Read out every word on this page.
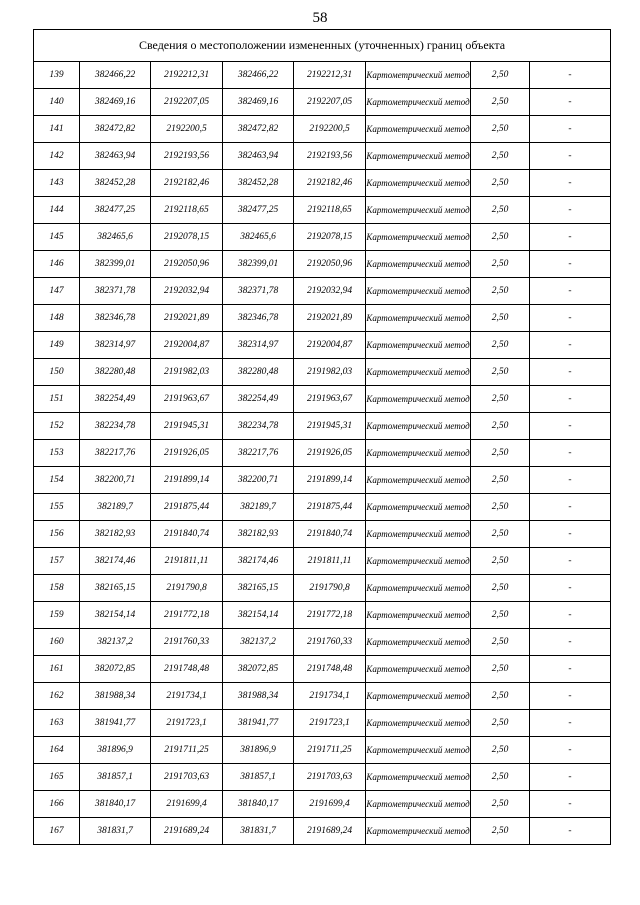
58
Сведения о местоположении измененных (уточненных) границ объекта							
139	382466,22	2192212,31	382466,22	2192212,31	Картометрический метод	2,50	-
140	382469,16	2192207,05	382469,16	2192207,05	Картометрический метод	2,50	-
141	382472,82	2192200,5	382472,82	2192200,5	Картометрический метод	2,50	-
142	382463,94	2192193,56	382463,94	2192193,56	Картометрический метод	2,50	-
143	382452,28	2192182,46	382452,28	2192182,46	Картометрический метод	2,50	-
144	382477,25	2192118,65	382477,25	2192118,65	Картометрический метод	2,50	-
145	382465,6	2192078,15	382465,6	2192078,15	Картометрический метод	2,50	-
146	382399,01	2192050,96	382399,01	2192050,96	Картометрический метод	2,50	-
147	382371,78	2192032,94	382371,78	2192032,94	Картометрический метод	2,50	-
148	382346,78	2192021,89	382346,78	2192021,89	Картометрический метод	2,50	-
149	382314,97	2192004,87	382314,97	2192004,87	Картометрический метод	2,50	-
150	382280,48	2191982,03	382280,48	2191982,03	Картометрический метод	2,50	-
151	382254,49	2191963,67	382254,49	2191963,67	Картометрический метод	2,50	-
152	382234,78	2191945,31	382234,78	2191945,31	Картометрический метод	2,50	-
153	382217,76	2191926,05	382217,76	2191926,05	Картометрический метод	2,50	-
154	382200,71	2191899,14	382200,71	2191899,14	Картометрический метод	2,50	-
155	382189,7	2191875,44	382189,7	2191875,44	Картометрический метод	2,50	-
156	382182,93	2191840,74	382182,93	2191840,74	Картометрический метод	2,50	-
157	382174,46	2191811,11	382174,46	2191811,11	Картометрический метод	2,50	-
158	382165,15	2191790,8	382165,15	2191790,8	Картометрический метод	2,50	-
159	382154,14	2191772,18	382154,14	2191772,18	Картометрический метод	2,50	-
160	382137,2	2191760,33	382137,2	2191760,33	Картометрический метод	2,50	-
161	382072,85	2191748,48	382072,85	2191748,48	Картометрический метод	2,50	-
162	381988,34	2191734,1	381988,34	2191734,1	Картометрический метод	2,50	-
163	381941,77	2191723,1	381941,77	2191723,1	Картометрический метод	2,50	-
164	381896,9	2191711,25	381896,9	2191711,25	Картометрический метод	2,50	-
165	381857,1	2191703,63	381857,1	2191703,63	Картометрический метод	2,50	-
166	381840,17	2191699,4	381840,17	2191699,4	Картометрический метод	2,50	-
167	381831,7	2191689,24	381831,7	2191689,24	Картометрический метод	2,50	-
